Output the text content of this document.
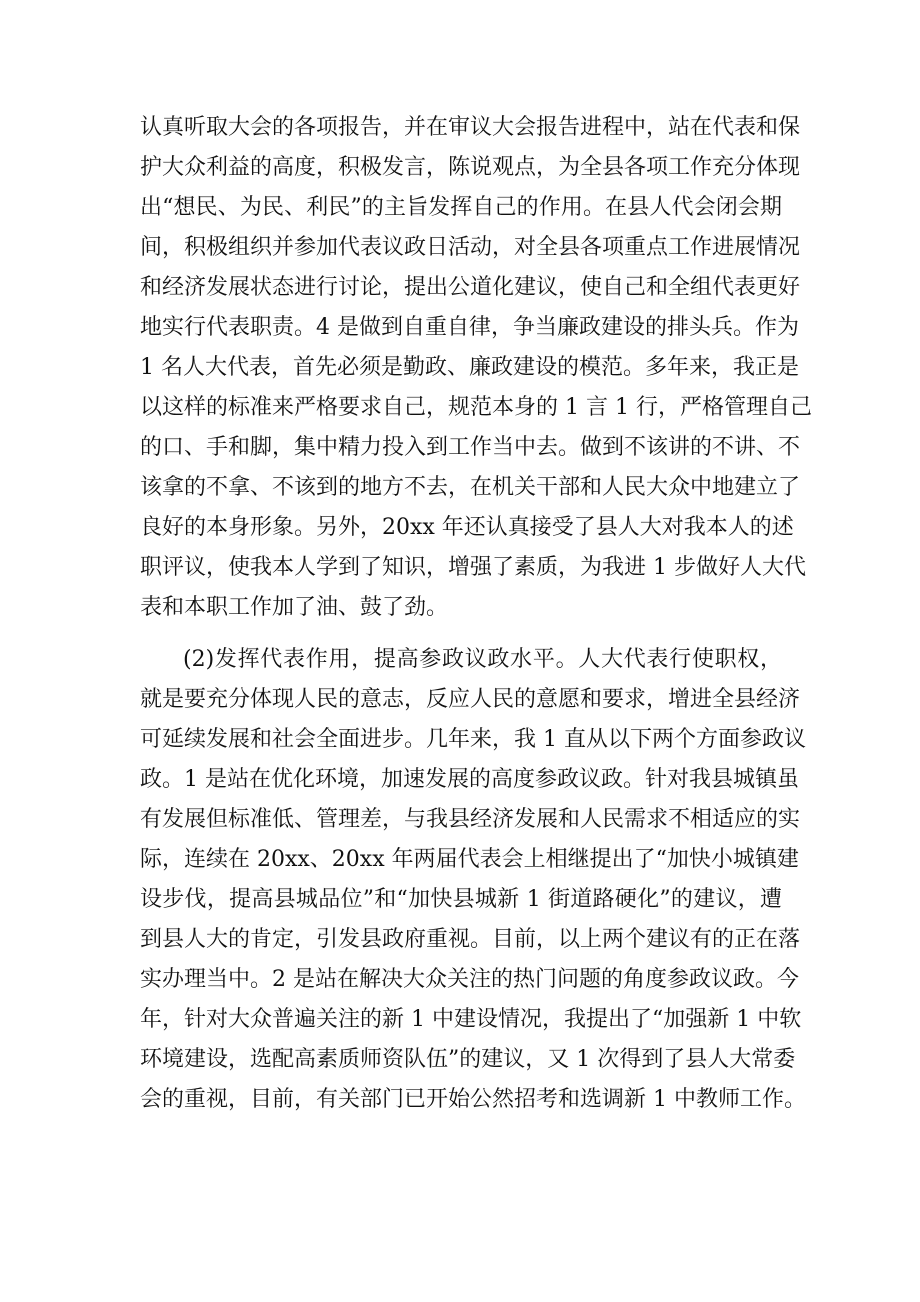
认真听取大会的各项报告，并在审议大会报告进程中，站在代表和保
护大众利益的高度，积极发言，陈说观点，为全县各项工作充分体现
出“想民、为民、利民”的主旨发挥自己的作用。在县人代会闭会期
间，积极组织并参加代表议政日活动，对全县各项重点工作进展情况
和经济发展状态进行讨论，提出公道化建议，使自己和全组代表更好
地实行代表职责。4 是做到自重自律，争当廉政建设的排头兵。作为
1 名人大代表，首先必须是勤政、廉政建设的模范。多年来，我正是
以这样的标准来严格要求自己，规范本身的 1 言 1 行，严格管理自己
的口、手和脚，集中精力投入到工作当中去。做到不该讲的不讲、不
该拿的不拿、不该到的地方不去，在机关干部和人民大众中地建立了
良好的本身形象。另外，20xx 年还认真接受了县人大对我本人的述
职评议，使我本人学到了知识，增强了素质，为我进 1 步做好人大代
表和本职工作加了油、鼓了劲。
(2)发挥代表作用，提高参政议政水平。人大代表行使职权，
就是要充分体现人民的意志，反应人民的意愿和要求，增进全县经济
可延续发展和社会全面进步。几年来，我 1 直从以下两个方面参政议
政。1 是站在优化环境，加速发展的高度参政议政。针对我县城镇虽
有发展但标准低、管理差，与我县经济发展和人民需求不相适应的实
际，连续在 20xx、20xx 年两届代表会上相继提出了“加快小城镇建
设步伐，提高县城品位”和“加快县城新 1 街道路硬化”的建议，遭
到县人大的肯定，引发县政府重视。目前，以上两个建议有的正在落
实办理当中。2 是站在解决大众关注的热门问题的角度参政议政。今
年，针对大众普遍关注的新 1 中建设情况，我提出了“加强新 1 中软
环境建设，选配高素质师资队伍”的建议，又 1 次得到了县人大常委
会的重视，目前，有关部门已开始公然招考和选调新 1 中教师工作。
